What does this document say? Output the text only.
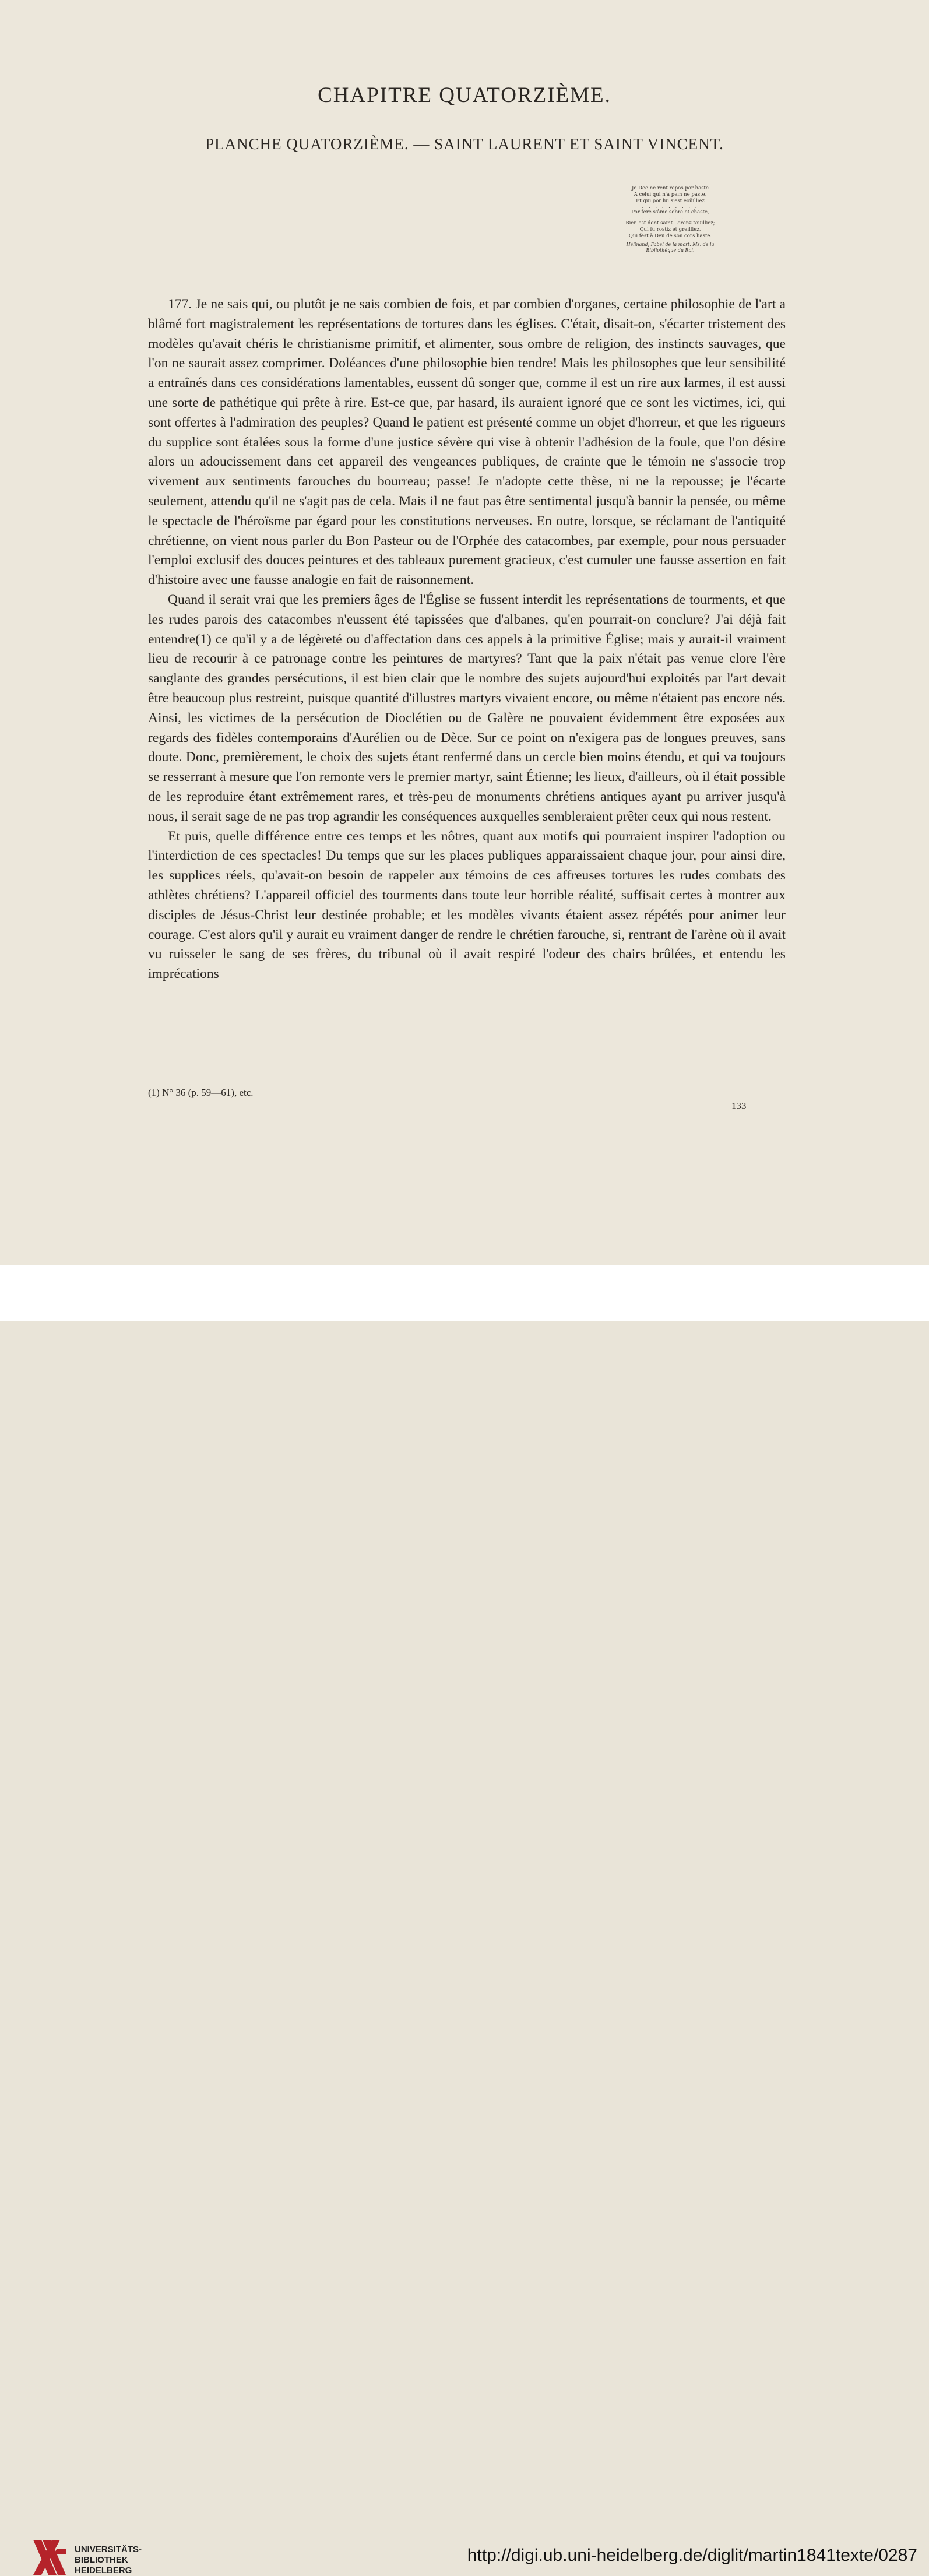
CHAPITRE QUATORZIÈME.
PLANCHE QUATORZIÈME. — SAINT LAURENT ET SAINT VINCENT.
Je Dee ne rent repos por haste
A celui qui n'a pein ne paste,
Et qui por lui s'est eoüilliez
. . . . . . . . .
Por fere s'âme sobre et chaste,
. . . . . . . . .
Bien est dont saint Lorenz touilliez;
Qui fu rostiz et greilliez,
Qui fest à Deu de son cors haste.
Hélinand, Fabel de la mort. Ms. de la Bibliothèque du Roi.

177. Je ne sais qui, ou plutôt je ne sais combien de fois, et par combien d'organes, certaine philosophie de l'art a blâmé fort magistralement les représentations de tortures dans les églises. C'était, disait-on, s'écarter tristement des modèles qu'avait chéris le christianisme primitif, et alimenter, sous ombre de religion, des instincts sauvages, que l'on ne saurait assez comprimer. Doléances d'une philosophie bien tendre! Mais les philosophes que leur sensibilité a entraînés dans ces considérations lamentables, eussent dû songer que, comme il est un rire aux larmes, il est aussi une sorte de pathétique qui prête à rire. Est-ce que, par hasard, ils auraient ignoré que ce sont les victimes, ici, qui sont offertes à l'admiration des peuples? Quand le patient est présenté comme un objet d'horreur, et que les rigueurs du supplice sont étalées sous la forme d'une justice sévère qui vise à obtenir l'adhésion de la foule, que l'on désire alors un adoucissement dans cet appareil des vengeances publiques, de crainte que le témoin ne s'associe trop vivement aux sentiments farouches du bourreau; passe! Je n'adopte cette thèse, ni ne la repousse; je l'écarte seulement, attendu qu'il ne s'agit pas de cela. Mais il ne faut pas être sentimental jusqu'à bannir la pensée, ou même le spectacle de l'héroïsme par égard pour les constitutions nerveuses. En outre, lorsque, se réclamant de l'antiquité chrétienne, on vient nous parler du Bon Pasteur ou de l'Orphée des catacombes, par exemple, pour nous persuader l'emploi exclusif des douces peintures et des tableaux purement gracieux, c'est cumuler une fausse assertion en fait d'histoire avec une fausse analogie en fait de raisonnement.

Quand il serait vrai que les premiers âges de l'Église se fussent interdit les représentations de tourments, et que les rudes parois des catacombes n'eussent été tapissées que d'albanes, qu'en pourrait-on conclure? J'ai déjà fait entendre(1) ce qu'il y a de légèreté ou d'affectation dans ces appels à la primitive Église; mais y aurait-il vraiment lieu de recourir à ce patronage contre les peintures de martyres? Tant que la paix n'était pas venue clore l'ère sanglante des grandes persécutions, il est bien clair que le nombre des sujets aujourd'hui exploités par l'art devait être beaucoup plus restreint, puisque quantité d'illustres martyrs vivaient encore, ou même n'étaient pas encore nés. Ainsi, les victimes de la persécution de Dioclétien ou de Galère ne pouvaient évidemment être exposées aux regards des fidèles contemporains d'Aurélien ou de Dèce. Sur ce point on n'exigera pas de longues preuves, sans doute. Donc, premièrement, le choix des sujets étant renfermé dans un cercle bien moins étendu, et qui va toujours se resserrant à mesure que l'on remonte vers le premier martyr, saint Étienne; les lieux, d'ailleurs, où il était possible de les reproduire étant extrêmement rares, et très-peu de monuments chrétiens antiques ayant pu arriver jusqu'à nous, il serait sage de ne pas trop agrandir les conséquences auxquelles sembleraient prêter ceux qui nous restent.

Et puis, quelle différence entre ces temps et les nôtres, quant aux motifs qui pourraient inspirer l'adoption ou l'interdiction de ces spectacles! Du temps que sur les places publiques apparaissaient chaque jour, pour ainsi dire, les supplices réels, qu'avait-on besoin de rappeler aux témoins de ces affreuses tortures les rudes combats des athlètes chrétiens? L'appareil officiel des tourments dans toute leur horrible réalité, suffisait certes à montrer aux disciples de Jésus-Christ leur destinée probable; et les modèles vivants étaient assez répétés pour animer leur courage. C'est alors qu'il y aurait eu vraiment danger de rendre le chrétien farouche, si, rentrant de l'arène où il avait vu ruisseler le sang de ses frères, du tribunal où il avait respiré l'odeur des chairs brûlées, et entendu les imprécations

(1) N° 36 (p. 59—61), etc.
133
UNIVERSITÄTS-
BIBLIOTHEK
HEIDELBERG
http://digi.ub.uni-heidelberg.de/diglit/martin1841texte/0287
